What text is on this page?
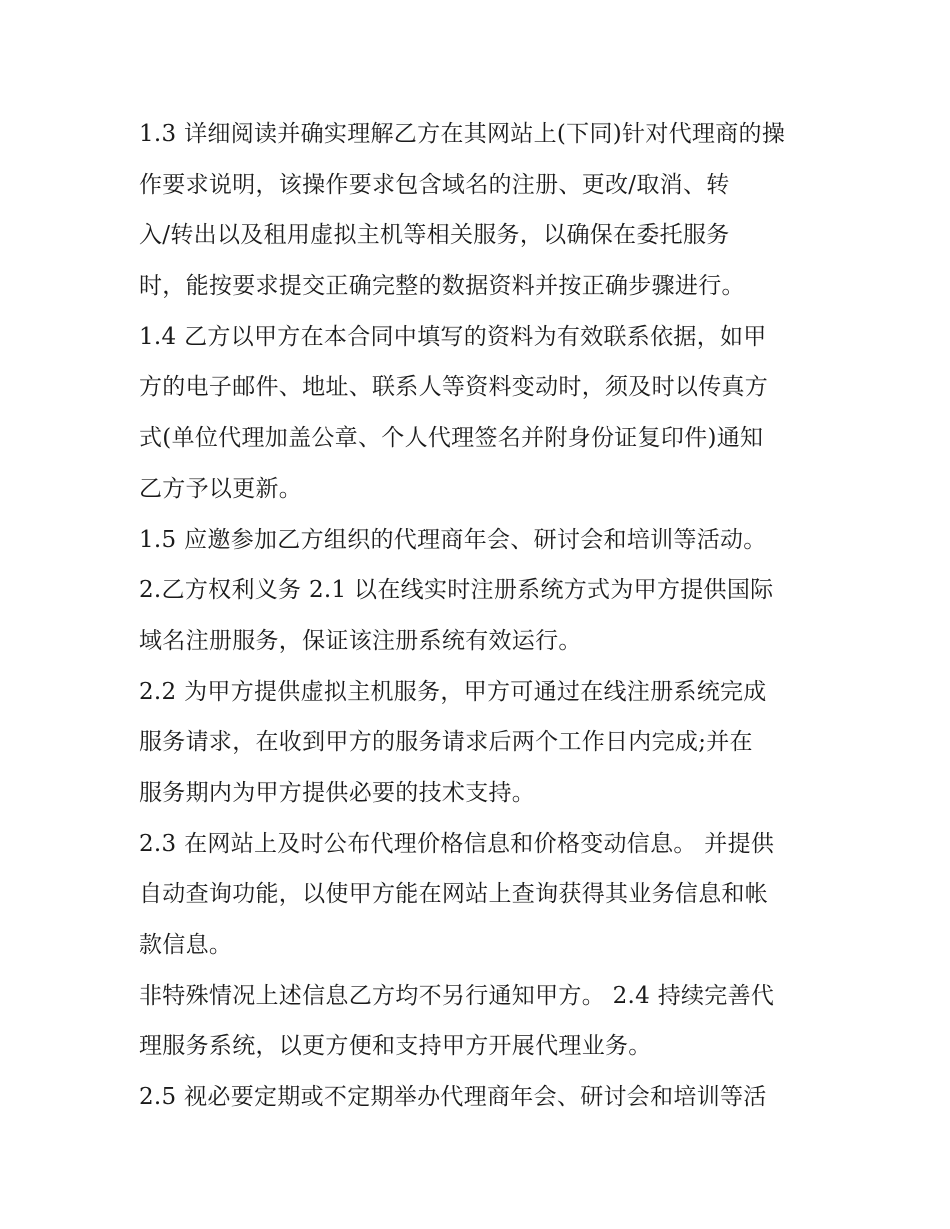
1.3 详细阅读并确实理解乙方在其网站上(下同)针对代理商的操
作要求说明，该操作要求包含域名的注册、更改/取消、转
入/转出以及租用虚拟主机等相关服务，以确保在委托服务
时，能按要求提交正确完整的数据资料并按正确步骤进行。
1.4 乙方以甲方在本合同中填写的资料为有效联系依据，如甲
方的电子邮件、地址、联系人等资料变动时，须及时以传真方
式(单位代理加盖公章、个人代理签名并附身份证复印件)通知
乙方予以更新。
1.5 应邀参加乙方组织的代理商年会、研讨会和培训等活动。
2.乙方权利义务 2.1 以在线实时注册系统方式为甲方提供国际
域名注册服务，保证该注册系统有效运行。
2.2 为甲方提供虚拟主机服务，甲方可通过在线注册系统完成
服务请求，在收到甲方的服务请求后两个工作日内完成;并在
服务期内为甲方提供必要的技术支持。
2.3 在网站上及时公布代理价格信息和价格变动信息。 并提供
自动查询功能，以使甲方能在网站上查询获得其业务信息和帐
款信息。
非特殊情况上述信息乙方均不另行通知甲方。 2.4 持续完善代
理服务系统，以更方便和支持甲方开展代理业务。
2.5 视必要定期或不定期举办代理商年会、研讨会和培训等活
